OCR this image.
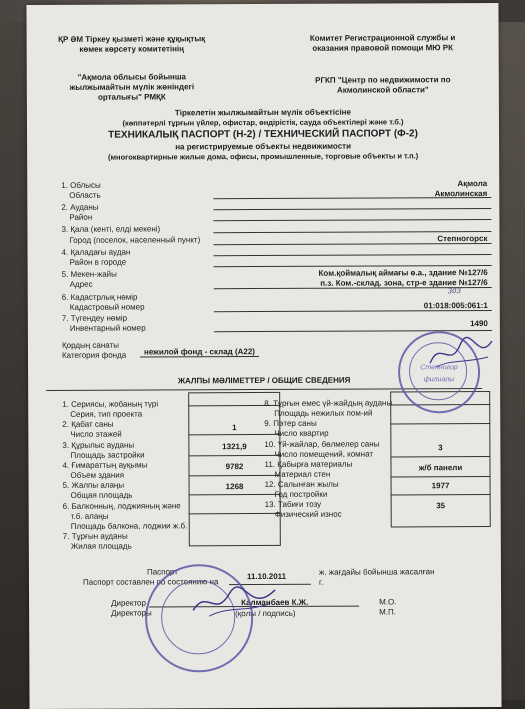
ҚР ӘМ Тіркеу қызметі және құқықтық
көмек көрсету комитетінің
"Ақмола облысы бойынша
жылжымайтын мүлік жөніндегі
орталығы" РМҚК
Комитет Регистрационной службы и
оказания правовой помощи МЮ РК
РГКП "Центр по недвижимости по
Акмолинской области"
Тіркелетін жылжымайтын мүлік объектісіне
(көппәтерлі тұрғын үйлер, офистар, өндірістік, сауда объектілері және т.б.)
ТЕХНИКАЛЫҚ ПАСПОРТ (Н-2) / ТЕХНИЧЕСКИЙ ПАСПОРТ (Ф-2)
на регистрируемые объекты недвижимости
(многоквартирные жилые дома, офисы, промышленные, торговые объекты и т.п.)
1. Облысы
Область
Ақмола
Акмолинская
2. Ауданы
Район
3. Қала (кенті, елді мекені)
Город (поселок, населенный пункт)	Степногорск
4. Қаладағы аудан
Район в городе
5. Мекен-жайы
Адрес
Ком.қоймалық аймағы ө.а., здание №127/6
п.з. Ком.-склад. зона, стр-е здание №127/6
6. Кадастрлық нөмір
Кадастровый номер
303
01:018:005:061:1
7. Түгендеу нөмір
Инвентарный номер	1490
Қордың санаты
Категория фонда	нежилой фонд - склад (А22)
ЖАЛПЫ МӘЛІМЕТТЕР / ОБЩИЕ СВЕДЕНИЯ
1. Сериясы, жобаның түрі
Серия, тип проекта
2. Қабат саны
Число этажей
1
3. Құрылыс ауданы
Площадь застройки
1321,9
4. Ғимараттың ауқымы
Объем здания
9782
5. Жалпы алаңы
Общая площадь
1268
6. Балконның, лоджияның және
т.б. алаңы
Площадь балкона, лоджии ж.б.
7. Тұрғын ауданы
Жилая площадь
8. Тұрғын емес үй-жайдың ауданы
Площадь нежилых пом-ий
9. Пәтер саны
Число квартир
10. Үй-жайлар, бөлмелер саны
Число помещений, комнат
3
11. Қабырға материалы
Материал стен
ж/б панели
12. Салынған жылы
Год постройки
1977
13. Табиғи тозу
Физический износ
35
Паспорт
Паспорт составлен по состоянию на
11.10.2011	ж. жағдайы бойынша жасалған
г.
Директор
Директоры
Калманбаев К.Ж.
(қолы / подпись)
М.О.
М.П.
Степногор
филиалы
